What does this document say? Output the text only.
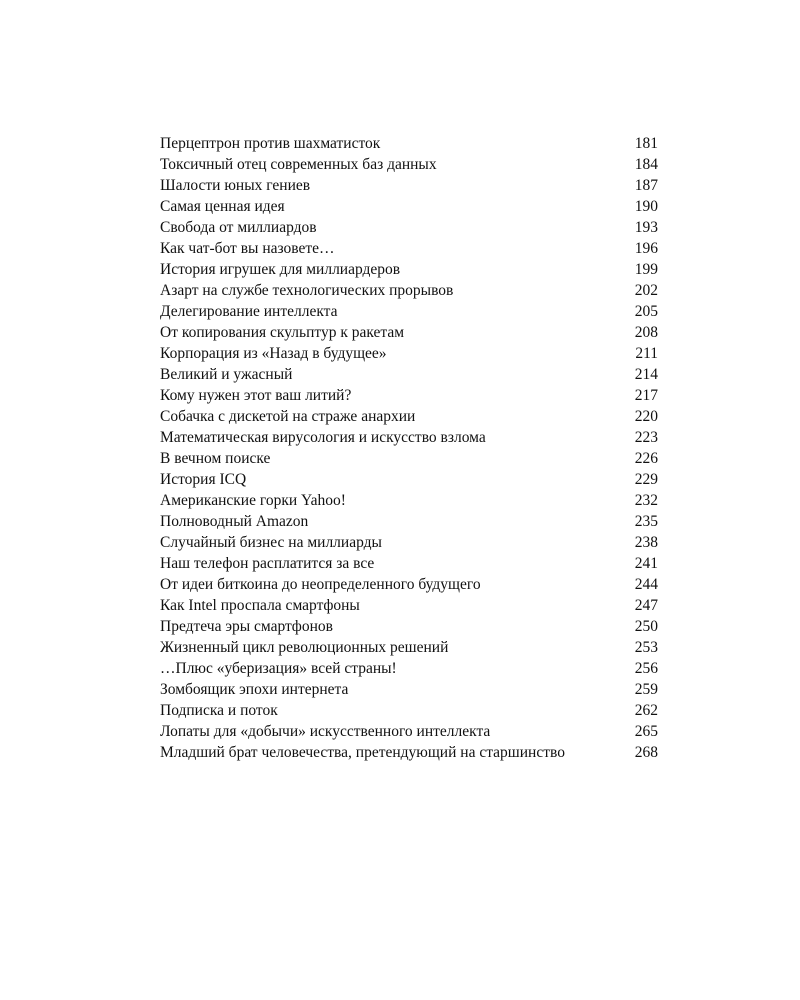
Перцептрон против шахматисток	181
Токсичный отец современных баз данных	184
Шалости юных гениев	187
Самая ценная идея	190
Свобода от миллиардов	193
Как чат-бот вы назовете…	196
История игрушек для миллиардеров	199
Азарт на службе технологических прорывов	202
Делегирование интеллекта	205
От копирования скульптур к ракетам	208
Корпорация из «Назад в будущее»	211
Великий и ужасный	214
Кому нужен этот ваш литий?	217
Собачка с дискетой на страже анархии	220
Математическая вирусология и искусство взлома	223
В вечном поиске	226
История ICQ	229
Американские горки Yahoo!	232
Полноводный Amazon	235
Случайный бизнес на миллиарды	238
Наш телефон расплатится за все	241
От идеи биткоина до неопределенного будущего	244
Как Intel проспала смартфоны	247
Предтеча эры смартфонов	250
Жизненный цикл революционных решений	253
…Плюс «уберизация» всей страны!	256
Зомбоящик эпохи интернета	259
Подписка и поток	262
Лопаты для «добычи» искусственного интеллекта	265
Младший брат человечества, претендующий на старшинство	268
